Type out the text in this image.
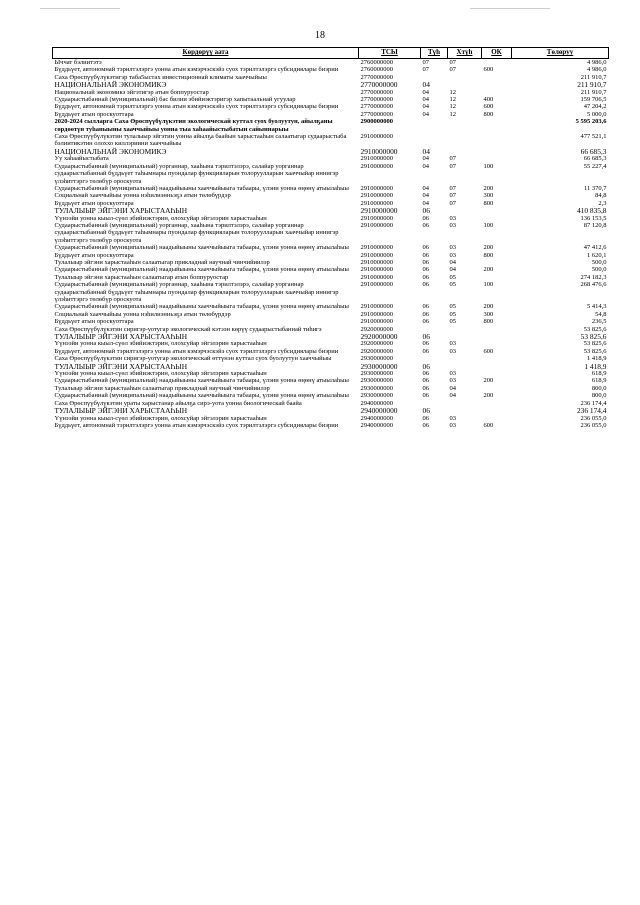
18
Көрдөрүү аата	ТСЫ	Түh	Хтүh	ОК	Төлөруу
Ыччат бэлиитэтэ	2760000000	07	07		4 986,0
Бүддьүет, автономнай тэрилтэлэргэ уонна атын кэмэрчэскэйэ суох тэрилтэлэргэ субсидиялары биэрии	2760000000	07	07	600	4 986,0
Саха Өрөспүүбүлүкэтигэр таба5ыстах инвестиционнай климаты хааччыйыы	2770000000				211 910,7
НАЦИОНАЛЬНАЙ ЭКОНОМИКЭ	2770000000	04			211 910,7
Национальнай экономикэ эйгэтигэр атын боппуруостар	2770000000	04	12		211 910,7
Судаарыстыбаннай (муниципальнай) бас билии эбийиэктэригэр хапытаальнай угуулар	2770000000	04	12	400	159 706,5
Бүддьүет, автономнай тэрилтэлэргэ уонна атын кэмэрчэскэйэ суох тэрилтэлэргэ субсидиялары биэрии	2770000000	04	12	600	47 204,2
Бүддьүет атын ороскуоттара	2770000000	04	12	800	5 000,0
2020-2024 сылларга Саха Өрөспүүбүлүкэтин экологическай куттал суох буолуутун, айылҕаны сөрдөөтүн туһаныыны хааччыйыы уонна тыа хаһаайыстыбатын сайыннарыы	2900000000				5 595 203,6
Саха Өрөспүүбүлүкэтин тулалыыр эйгэтин уонна айылҕа баайын харыстааһын салаатыгар судаарыстыба бэлиитикэтин олоххо киллэриини хааччыйыы	2910000000				477 521,1
НАЦИОНАЛЬНАЙ ЭКОНОМИКЭ	2910000000	04			66 685,3
Уу хаһаайыстыбата	2910000000	04	07		66 685,3
Судаарыстыбаннай (муниципальнай) уорганнар, хааһына тэрилтэлэрэ, салайар уорганнар судаарыстыбаннай бүддьүет таһымнары пуондалар функцияларын толоруулларын хааччыйар иннигэр үлэһиттэргэ төлөбүр ороскуота	2910000000	04	07	100	55 227,4
Судаарыстыбаннай (муниципальнай) наадыйыыны хааччыйыыга табаары, үлэни уонна өңөнү атыылаһыы	2910000000	04	07	200	11 370,7
Социальнай хааччыйыы уонна нэһилиэнньэҕэ атын төлөбүрдэр	2910000000	04	07	300	84,8
Бүддьүет атын ороскуоттара	2910000000	04	07	800	2,3
ТУЛАЛЫЫР ЭЙГЭНИ ХАРЫСТААҺЫН	2910000000	06			410 835,8
Үүнээйи уонна кыыл-сүөл эбийиэктэрин, олохсуйар эйгэлэрин харыстааһын	2910000000	06	03		136 153,5
Судаарыстыбаннай (муниципальнай) уорганнар, хааһына тэрилтэлэрэ, салайар уорганнар судаарыстыбаннай бүддьүет таһымнары пуондалар функцияларын толоруулларын хааччыйар иннигэр үлэһиттэргэ төлөбүр ороскуота	2910000000	06	03	100	87 120,8
Судаарыстыбаннай (муниципальнай) наадыйыыны хааччыйыыга табаары, үлэни уонна өңөнү атыылаһыы	2910000000	06	03	200	47 412,6
Бүддьүет атын ороскуоттара	2910000000	06	03	800	1 620,1
Тулалыыр эйгэни харыстааһын салаатыгар прикладнай научнай чинчийиилэр	2910000000	06	04		500,0
Судаарыстыбаннай (муниципальнай) наадыйыыны хааччыйыыга табаары, үлэни уонна өңөнү атыылаһыы	2910000000	06	04	200	500,0
Тулалыыр эйгэни харыстааһын салаатыгар атын боппуруостар	2910000000	06	05		274 182,3
Судаарыстыбаннай (муниципальнай) уорганнар, хааһына тэрилтэлэрэ, салайар уорганнар судаарыстыбаннай бүддьүет таһымнары пуондалар функцияларын толоруулларын хааччыйар иннигэр үлэһиттэргэ төлөбүр ороскуота	2910000000	06	05	100	268 476,6
Судаарыстыбаннай (муниципальнай) наадыйыыны хааччыйыыга табаары, үлэни уонна өңөнү атыылаһыы	2910000000	06	05	200	5 414,3
Социальнай хааччыйыы уонна нэһилиэнньэҕэ атын төлөбүрдэр	2910000000	06	05	300	54,8
Бүддьүет атын ороскуоттара	2910000000	06	05	800	236,5
Саха Өрөспүүбүлүкэтин сиригэр-уотугар экологическай кэтээн көрүү судаарыстыбаннай тиһигэ	2920000000				53 825,6
ТУЛАЛЫЫР ЭЙГЭНИ ХАРЫСТААҺЫН	2920000000	06			53 825,6
Үүнээйи уонна кыыл-сүөл эбийиэктэрин, олохсуйар эйгэлэрин харыстааһын	2920000000	06	03		53 825,6
Бүддьүет, автономнай тэрилтэлэргэ уонна атын кэмэрчэскэйэ суох тэрилтэлэргэ субсидиялары биэрии	2920000000	06	03	600	53 825,6
Саха Өрөспүүбүлүкэтин сиригэр-уотугар экологическай өттүнэн куттал суох буолуутун хааччыйыы	2930000000				1 418,9
ТУЛАЛЫЫР ЭЙГЭНИ ХАРЫСТААҺЫН	2930000000	06			1 418,9
Үүнээйи уонна кыыл-сүөл эбийиэктэрин, олохсуйар эйгэлэрин харыстааһын	2930000000	06	03		618,9
Судаарыстыбаннай (муниципальнай) наадыйыыны хааччыйыыга табаары, үлэни уонна өңөнү атыылаһыы	2930000000	06	03	200	618,9
Тулалыыр эйгэни харыстааһын салаатыгар прикладнай научнай чинчийиилэр	2930000000	06	04		800,0
Судаарыстыбаннай (муниципальнай) наадыйыыны хааччыйыыга табаары, үлэни уонна өңөнү атыылаһыы	2930000000	06	04	200	800,0
Саха Өрөспүүбүлүкэтин ураты харыстанар айылҕа сирэ-уота уонна биологическай баайа	2940000000				236 174,4
ТУЛАЛЫЫР ЭЙГЭНИ ХАРЫСТААҺЫН	2940000000	06			236 174,4
Үүнээйи уонна кыыл-сүөл эбийиэктэрин, олохсуйар эйгэлэрин харыстааһын	2940000000	06	03		236 055,0
Бүддьүет, автономнай тэрилтэлэргэ уонна атын кэмэрчэскэйэ суох тэрилтэлэргэ субсидиялары биэрии	2940000000	06	03	600	236 055,0
